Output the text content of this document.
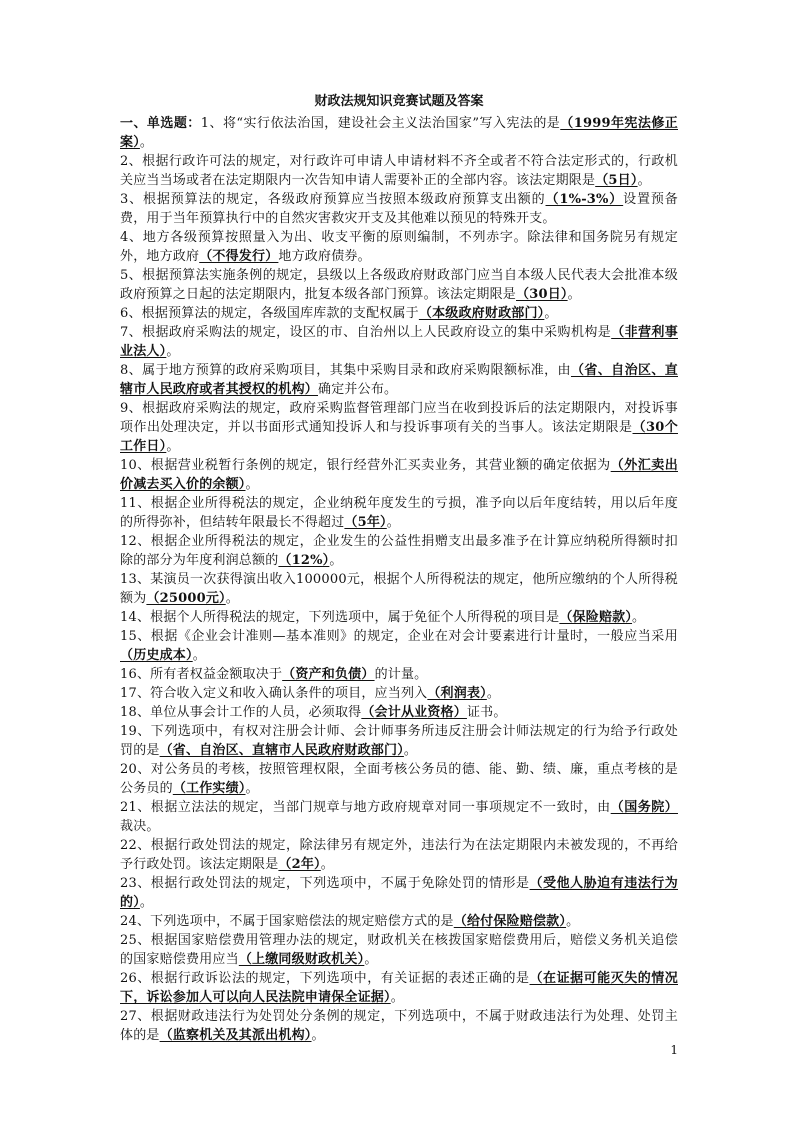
财政法规知识竞赛试题及答案

一、单选题：1、将“实行依法治国，建设社会主义法治国家”写入宪法的是（1999年宪法修正案）。

2、根据行政许可法的规定，对行政许可申请人申请材料不齐全或者不符合法定形式的，行政机关应当当场或者在法定期限内一次告知申请人需要补正的全部内容。该法定期限是（5日）。

3、根据预算法的规定，各级政府预算应当按照本级政府预算支出额的（1%-3%）设置预备费，用于当年预算执行中的自然灾害救灾开支及其他难以预见的特殊开支。

4、地方各级预算按照量入为出、收支平衡的原则编制，不列赤字。除法律和国务院另有规定外，地方政府（不得发行）地方政府债券。

5、根据预算法实施条例的规定，县级以上各级政府财政部门应当自本级人民代表大会批准本级政府预算之日起的法定期限内，批复本级各部门预算。该法定期限是（30日）。

6、根据预算法的规定，各级国库库款的支配权属于（本级政府财政部门）。

7、根据政府采购法的规定，设区的市、自治州以上人民政府设立的集中采购机构是（非营利事业法人）。

8、属于地方预算的政府采购项目，其集中采购目录和政府采购限额标准，由（省、自治区、直辖市人民政府或者其授权的机构）确定并公布。

9、根据政府采购法的规定，政府采购监督管理部门应当在收到投诉后的法定期限内，对投诉事项作出处理决定，并以书面形式通知投诉人和与投诉事项有关的当事人。该法定期限是（30个工作日）。

10、根据营业税暂行条例的规定，银行经营外汇买卖业务，其营业额的确定依据为（外汇卖出价减去买入价的余额）。

11、根据企业所得税法的规定，企业纳税年度发生的亏损，准予向以后年度结转，用以后年度的所得弥补，但结转年限最长不得超过（5年）。

12、根据企业所得税法的规定，企业发生的公益性捐赠支出最多准予在计算应纳税所得额时扣除的部分为年度利润总额的（12%）。

13、某演员一次获得演出收入100000元，根据个人所得税法的规定，他所应缴纳的个人所得税额为（25000元）。

14、根据个人所得税法的规定，下列选项中，属于免征个人所得税的项目是（保险赔款）。

15、根据《企业会计准则—基本准则》的规定，企业在对会计要素进行计量时，一般应当采用（历史成本）。

16、所有者权益金额取决于（资产和负债）的计量。

17、符合收入定义和收入确认条件的项目，应当列入（利润表）。

18、单位从事会计工作的人员，必须取得（会计从业资格）证书。

19、下列选项中，有权对注册会计师、会计师事务所违反注册会计师法规定的行为给予行政处罚的是（省、自治区、直辖市人民政府财政部门）。

20、对公务员的考核，按照管理权限，全面考核公务员的德、能、勤、绩、廉，重点考核的是公务员的（工作实绩）。

21、根据立法法的规定，当部门规章与地方政府规章对同一事项规定不一致时，由（国务院）裁决。

22、根据行政处罚法的规定，除法律另有规定外，违法行为在法定期限内未被发现的，不再给予行政处罚。该法定期限是（2年）。

23、根据行政处罚法的规定，下列选项中，不属于免除处罚的情形是（受他人胁迫有违法行为的）。

24、下列选项中，不属于国家赔偿法的规定赔偿方式的是（给付保险赔偿款）。

25、根据国家赔偿费用管理办法的规定，财政机关在核拨国家赔偿费用后，赔偿义务机关追偿的国家赔偿费用应当（上缴同级财政机关）。

26、根据行政诉讼法的规定，下列选项中，有关证据的表述正确的是（在证据可能灭失的情况下，诉讼参加人可以向人民法院申请保全证据）。

27、根据财政违法行为处罚处分条例的规定，下列选项中，不属于财政违法行为处理、处罚主体的是（监察机关及其派出机构）。

1
